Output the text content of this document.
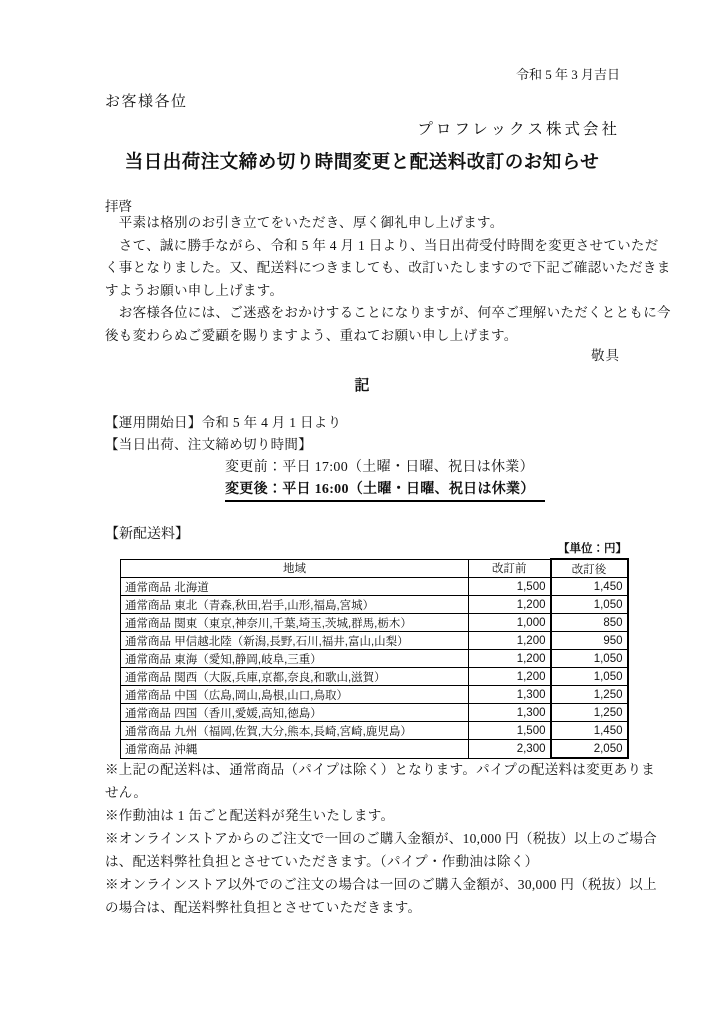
令和 5 年 3 月吉日
お客様各位
プロフレックス株式会社
当日出荷注文締め切り時間変更と配送料改訂のお知らせ
拝啓
　平素は格別のお引き立てをいただき、厚く御礼申し上げます。
　さて、誠に勝手ながら、令和 5 年 4 月 1 日より、当日出荷受付時間を変更させていただ
く事となりました。又、配送料につきましても、改訂いたしますので下記ご確認いただきま
すようお願い申し上げます。
　お客様各位には、ご迷惑をおかけすることになりますが、何卒ご理解いただくとともに今
後も変わらぬご愛顧を賜りますよう、重ねてお願い申し上げます。
敬具
記
【運用開始日】令和 5 年 4 月 1 日より
【当日出荷、注文締め切り時間】
変更前：平日 17:00（土曜・日曜、祝日は休業）
変更後：平日 16:00（土曜・日曜、祝日は休業）
【新配送料】
【単位：円】
地域	改訂前	改訂後
通常商品 北海道	1,500	1,450
通常商品 東北（青森,秋田,岩手,山形,福島,宮城）	1,200	1,050
通常商品 関東（東京,神奈川,千葉,埼玉,茨城,群馬,栃木）	1,000	850
通常商品 甲信越北陸（新潟,長野,石川,福井,富山,山梨）	1,200	950
通常商品 東海（愛知,静岡,岐阜,三重）	1,200	1,050
通常商品 関西（大阪,兵庫,京都,奈良,和歌山,滋賀）	1,200	1,050
通常商品 中国（広島,岡山,島根,山口,鳥取）	1,300	1,250
通常商品 四国（香川,愛媛,高知,徳島）	1,300	1,250
通常商品 九州（福岡,佐賀,大分,熊本,長崎,宮崎,鹿児島）	1,500	1,450
通常商品 沖縄	2,300	2,050
※上記の配送料は、通常商品（パイプは除く）となります。パイプの配送料は変更ありま
せん。
※作動油は 1 缶ごと配送料が発生いたします。
※オンラインストアからのご注文で一回のご購入金額が、10,000 円（税抜）以上のご場合
は、配送料弊社負担とさせていただきます。（パイプ・作動油は除く）
※オンラインストア以外でのご注文の場合は一回のご購入金額が、30,000 円（税抜）以上
の場合は、配送料弊社負担とさせていただきます。
